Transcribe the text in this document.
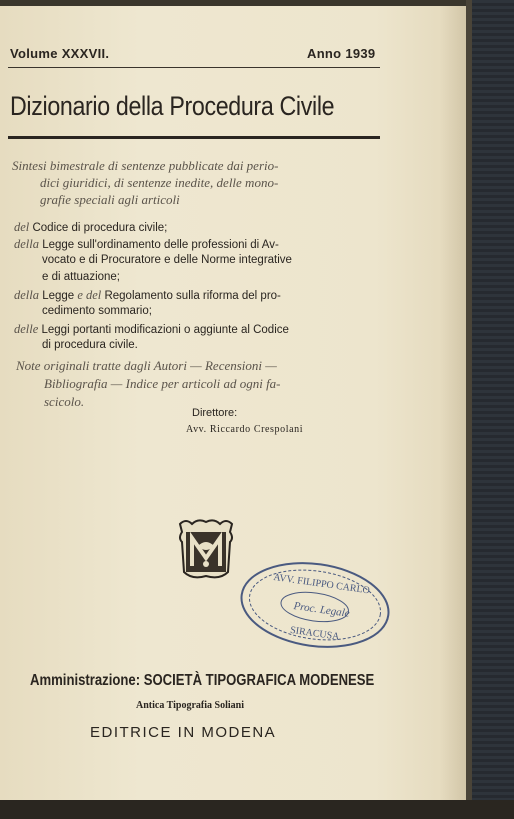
Volume XXXVII.	Anno 1939
Dizionario della Procedura Civile
Sintesi bimestrale di sentenze pubblicate dai perio-
dici giuridici, di sentenze inedite, delle mono-
grafie speciali agli articoli
del Codice di procedura civile;
della Legge sull'ordinamento delle professioni di Av-
vocato e di Procuratore e delle Norme integrative
e di attuazione;
della Legge e del Regolamento sulla riforma del pro-
cedimento sommario;
delle Leggi portanti modificazioni o aggiunte al Codice
di procedura civile.
Note originali tratte dagli Autori — Recensioni —
Bibliografia — Indice per articoli ad ogni fa-
scicolo.
Direttore:
Avv. Riccardo Crespolani
AVV. FILIPPO CARLO
Proc. Legale
SIRACUSA
Amministrazione: SOCIETÀ TIPOGRAFICA MODENESE
Antica Tipografia Soliani
EDITRICE IN MODENA
